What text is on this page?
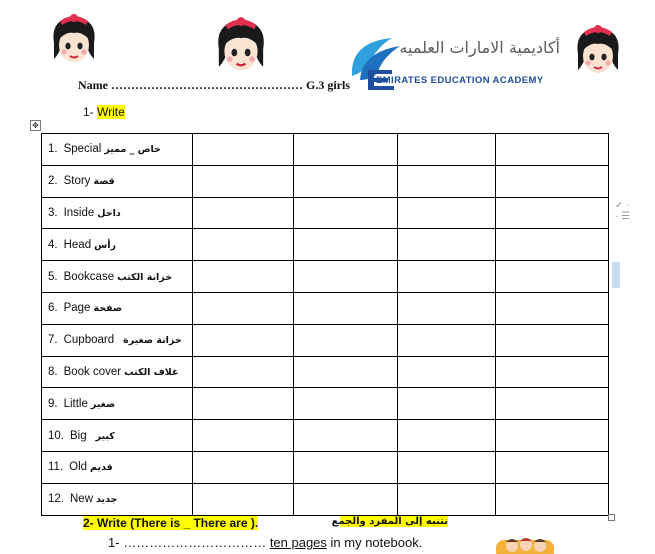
أكاديمية الامارات العلميه
EMIRATES EDUCATION ACADEMY
Name ………………………………………… G.3 girls
1- Write
✥
1. Special خاص _ مميز				
2. Story قصة				
3. Inside داخل				
4. Head رأس				
5. Bookcase خزانة الكتب				
6. Page صفحة				
7. Cupboard خزانة صغيرة				
8. Book cover غلاف الكتب				
9. Little صغير				
10. Big كبير				
11. Old قديم				
12. New جديد				
2- Write (There is _ There are ).	نتنبه إلى المفرد والجمع
1- …………………………… ten pages in my notebook.
✓ ·
· ☰
